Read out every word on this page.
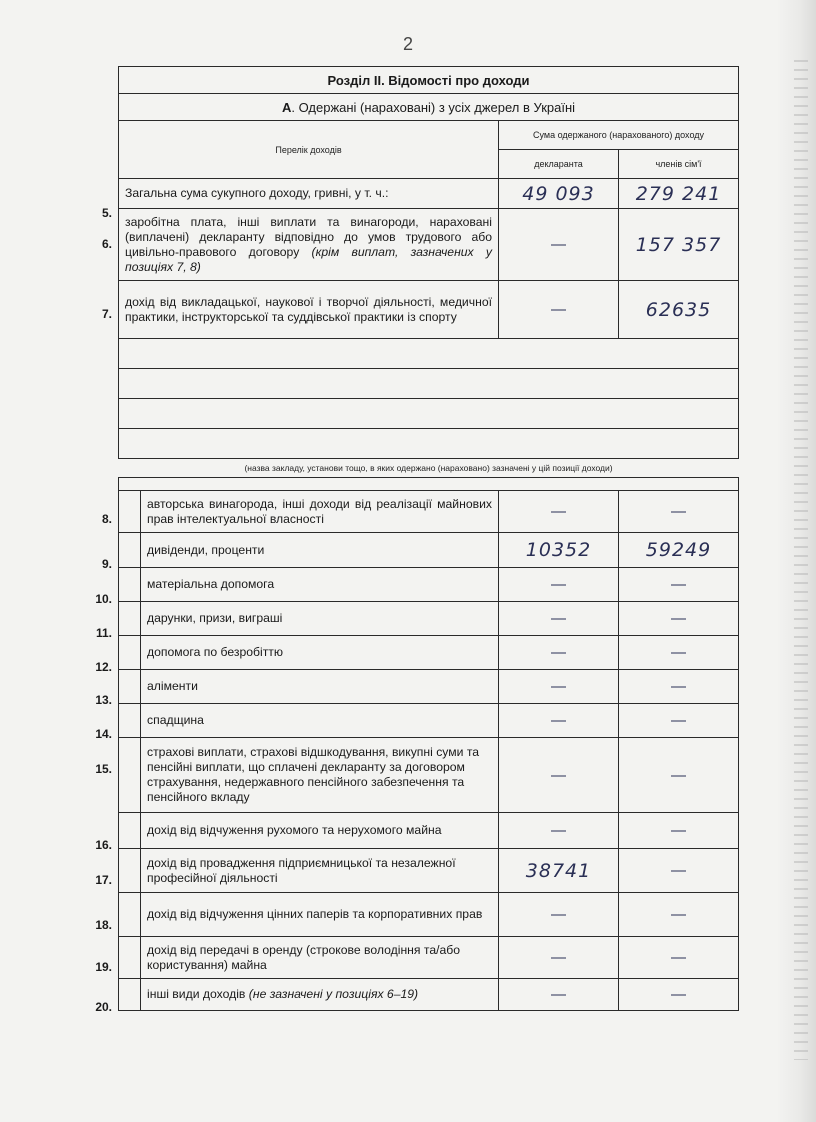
2
5.
6.
7.
8.
9.
10.
11.
12.
13.
14.
15.
16.
17.
18.
19.
20.
Розділ ІІ. Відомості про доходи			
А. Одержані (нараховані) з усіх джерел в Україні			
Перелік доходів		Сума одержаного (нарахованого) доходу	
		декларанта	членів сім'ї
Загальна сума сукупного доходу, гривні, у т. ч.:		49 093	279 241
заробітна плата, інші виплати та винагороди, нараховані (виплачені) декларанту відповідно до умов трудового або цивільно-правового договору (крім виплат, зазначених у позиціях 7, 8)		—	157 357
дохід від викладацької, наукової і творчої діяльності, медичної практики, інструкторської та суддівської практики із спорту		—	62635

(назва закладу, установи тощо, в яких одержано (нараховано) зазначені у цій позиції доходи)			

	авторська винагорода, інші доходи від реалізації майнових прав інтелектуальної власності	—	—
	дивіденди, проценти	10352	59249
	матеріальна допомога	—	—
	дарунки, призи, виграші	—	—
	допомога по безробіттю	—	—
	аліменти	—	—
	спадщина	—	—
	страхові виплати, страхові відшкодування, викупні суми та пенсійні виплати, що сплачені декларанту за договором страхування, недержавного пенсійного забезпечення та пенсійного вкладу	—	—
	дохід від відчуження рухомого та нерухомого майна	—	—
	дохід від провадження підприємницької та незалежної професійної діяльності	38741	—
	дохід від відчуження цінних паперів та корпоративних прав	—	—
	дохід від передачі в оренду (строкове володіння та/або користування) майна	—	—
	інші види доходів (не зазначені у позиціях 6–19)	—	—
